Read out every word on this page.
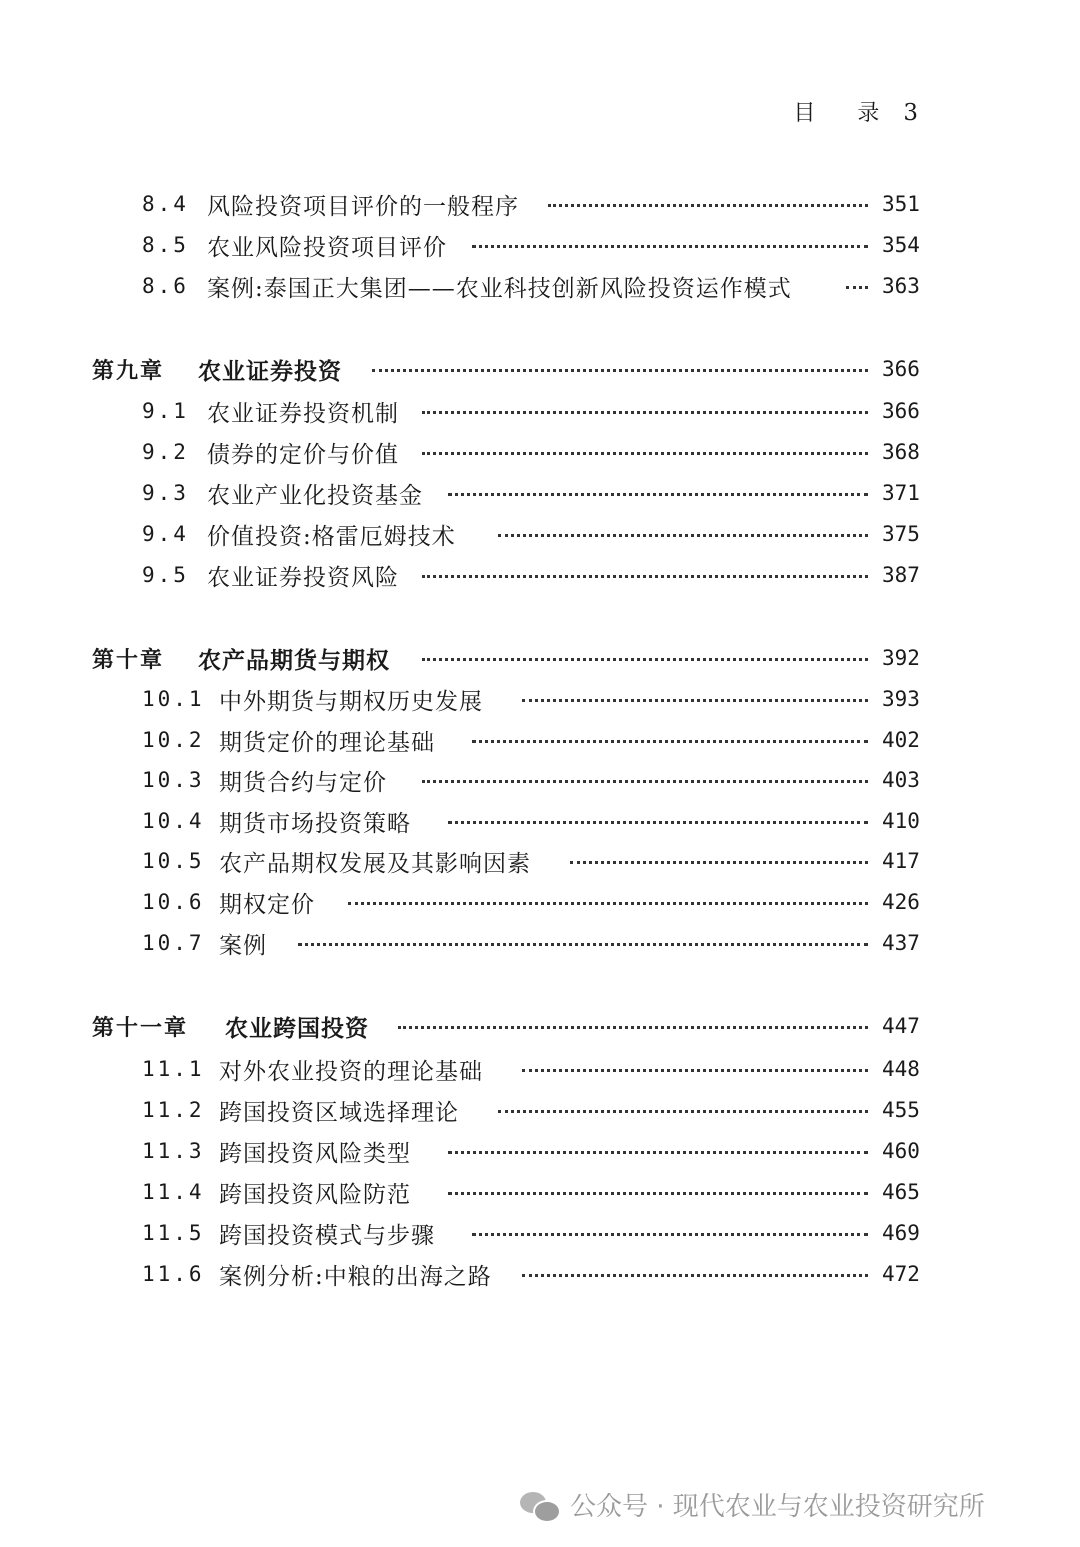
目 录 3
8.4 风险投资项目评价的一般程序	351
8.5 农业风险投资项目评价	354
8.6 案例:泰国正大集团——农业科技创新风险投资运作模式	363
第九章 农业证券投资	366
9.1 农业证券投资机制	366
9.2 债券的定价与价值	368
9.3 农业产业化投资基金	371
9.4 价值投资:格雷厄姆技术	375
9.5 农业证券投资风险	387
第十章 农产品期货与期权	392
10.1 中外期货与期权历史发展	393
10.2 期货定价的理论基础	402
10.3 期货合约与定价	403
10.4 期货市场投资策略	410
10.5 农产品期权发展及其影响因素	417
10.6 期权定价	426
10.7 案例	437
第十一章 农业跨国投资	447
11.1 对外农业投资的理论基础	448
11.2 跨国投资区域选择理论	455
11.3 跨国投资风险类型	460
11.4 跨国投资风险防范	465
11.5 跨国投资模式与步骤	469
11.6 案例分析:中粮的出海之路	472
公众号 · 现代农业与农业投资研究所
